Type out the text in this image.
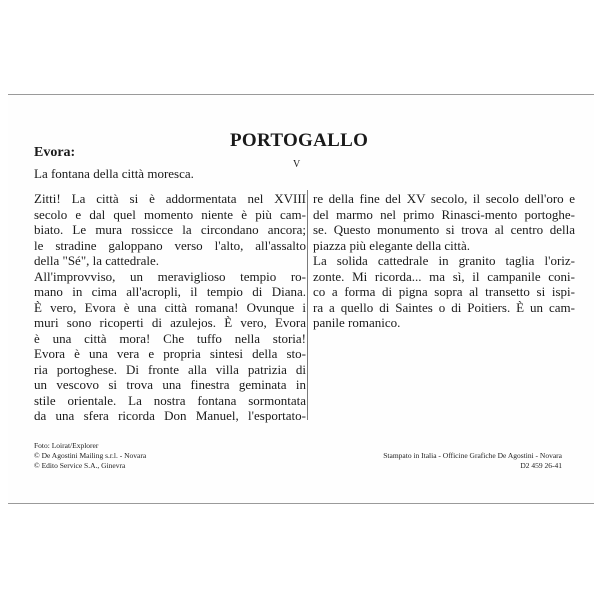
PORTOGALLO
V
Evora:
La fontana della città moresca.
Zitti! La città si è addormentata nel XVIII
secolo e dal quel momento niente è più cam-
biato. Le mura rossicce la circondano ancora;
le stradine galoppano verso l'alto, all'assalto
della "Sé", la cattedrale.
All'improvviso, un meraviglioso tempio ro-
mano in cima all'acropli, il tempio di Diana.
È vero, Evora è una città romana! Ovunque i
muri sono ricoperti di azulejos. È vero, Evora
è una città mora! Che tuffo nella storia!
Evora è una vera e propria sintesi della sto-
ria portoghese. Di fronte alla villa patrizia di
un vescovo si trova una finestra geminata in
stile orientale. La nostra fontana sormontata
da una sfera ricorda Don Manuel, l'esportato-
re della fine del XV secolo, il secolo dell'oro e
del marmo nel primo Rinasci-mento portoghe-
se. Questo monumento si trova al centro della
piazza più elegante della città.
La solida cattedrale in granito taglia l'oriz-
zonte. Mi ricorda... ma sì, il campanile coni-
co a forma di pigna sopra al transetto si ispi-
ra a quello di Saintes o di Poitiers. È un cam-
panile romanico.
Foto: Loirat/Explorer
© De Agostini Mailing s.r.l. - Novara
© Edito Service S.A., Ginevra
Stampato in Italia - Officine Grafiche De Agostini - Novara
D2 459 26-41
